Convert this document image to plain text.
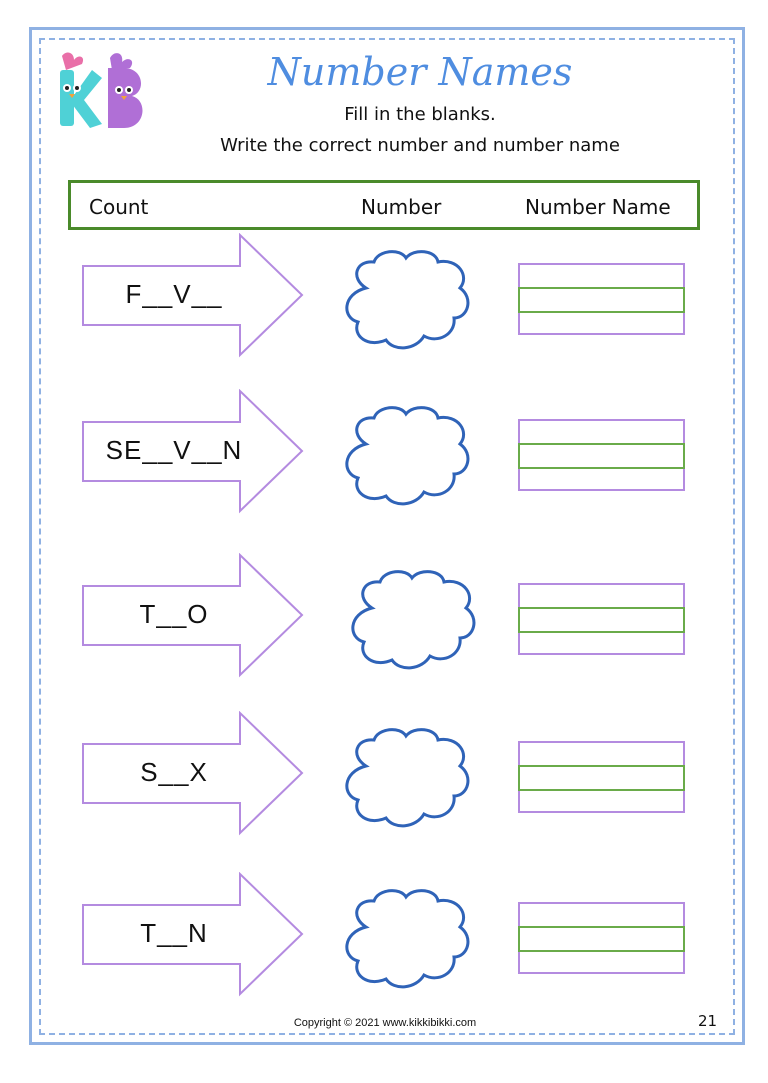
Number Names
Fill in the blanks.
Write the correct number and number name
Count	Number	Number Name
F__V__
SE__V__N
T__O
S__X
T__N
Copyright © 2021 www.kikkibikki.com	21
